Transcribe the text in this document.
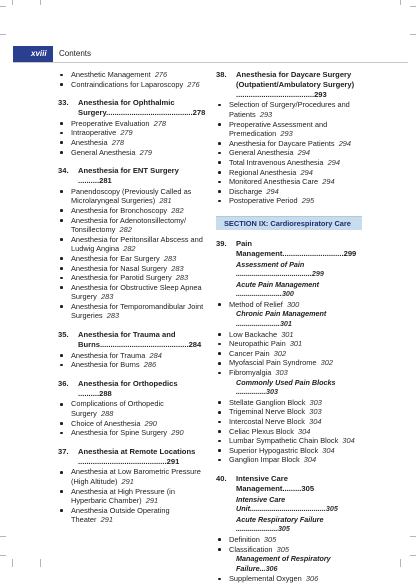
xviii	Contents
Anesthetic Management 276
Contraindications for Laparoscopy 276
33. Anesthesia for Ophthalmic Surgery.........................................278
Preoperative Evaluation 278
Intraoperative 279
Anesthesia 278
General Anesthesia 279
34. Anesthesia for ENT Surgery ..........281
Panendoscopy (Previously Called as Microlaryngeal Surgeries) 281
Anesthesia for Bronchoscopy 282
Anesthesia for Adenotonsillectomy/ Tonsillectomy 282
Anesthesia for Peritonsillar Abscess and Ludwig Angina 282
Anesthesia for Ear Surgery 283
Anesthesia for Nasal Surgery 283
Anesthesia for Parotid Surgery 283
Anesthesia for Obstructive Sleep Apnea Surgery 283
Anesthesia for Temporomandibular Joint Surgeries 283
35. Anesthesia for Trauma and Burns..........................................284
Anesthesia for Trauma 284
Anesthesia for Burns 286
36. Anesthesia for Orthopedics ..........288
Complications of Orthopedic Surgery 288
Choice of Anesthesia 290
Anesthesia for Spine Surgery 290
37. Anesthesia at Remote Locations ..........................................291
Anesthesia at Low Barometric Pressure (High Altitude) 291
Anesthesia at High Pressure (in Hyperbaric Chamber) 291
Anesthesia Outside Operating Theater 291
38. Anesthesia for Daycare Surgery (Outpatient/Ambulatory Surgery) .....................................293
Selection of Surgery/Procedures and Patients 293
Preoperative Assessment and Premedication 293
Anesthesia for Daycare Patients 294
General Anesthesia 294
Total Intravenous Anesthesia 294
Regional Anesthesia 294
Monitored Anesthesia Care 294
Discharge 294
Postoperative Period 295
SECTION IX: Cardiorespiratory Care
39. Pain Management.............................299
Assessment of Pain ......................................299
Acute Pain Management .......................300
Method of Relief 300
Chronic Pain Management ......................301
Low Backache 301
Neuropathic Pain 301
Cancer Pain 302
Myofascial Pain Syndrome 302
Fibromyalgia 303
Commonly Used Pain Blocks ...............303
Stellate Ganglion Block 303
Trigeminal Nerve Block 303
Intercostal Nerve Block 304
Celiac Plexus Block 304
Lumbar Sympathetic Chain Block 304
Superior Hypogastric Block 304
Ganglion Impar Block 304
40. Intensive Care Management.........305
Intensive Care Unit......................................305
Acute Respiratory Failure .....................305
Definition 305
Classification 305
Management of Respiratory Failure...306
Supplemental Oxygen 306
